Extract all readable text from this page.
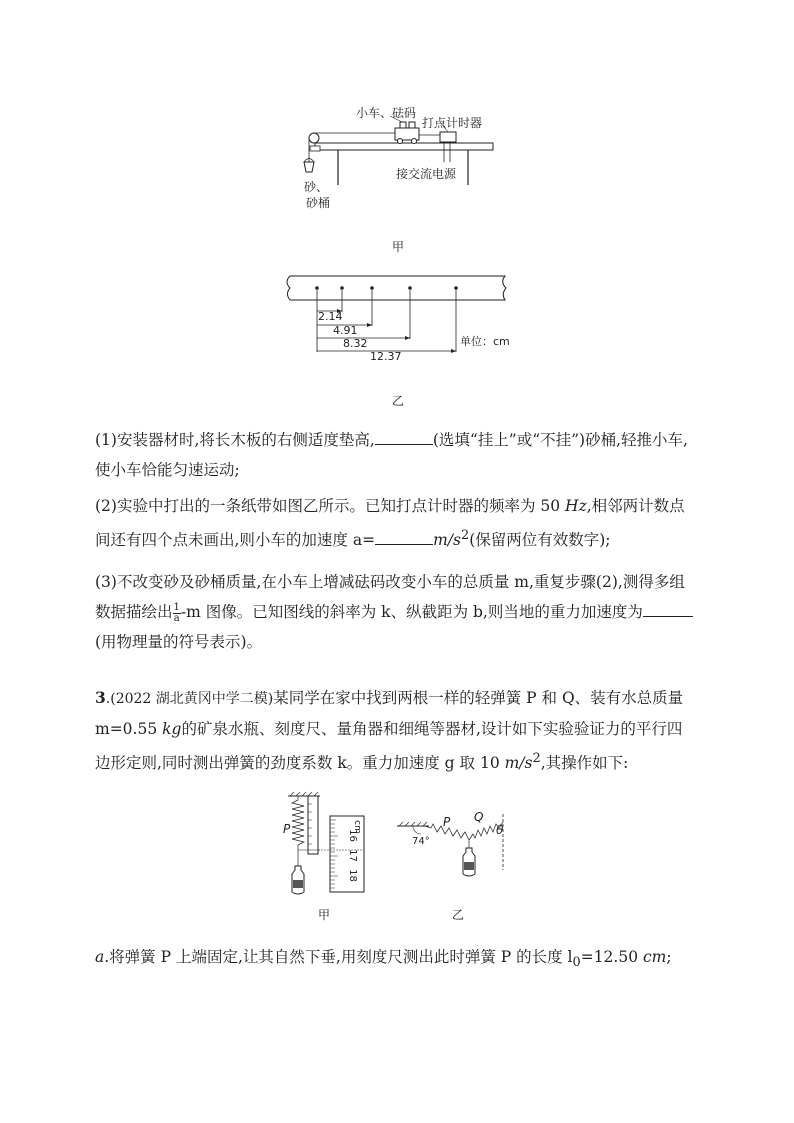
小车、砝码
打点计时器
接交流电源
砂、
砂桶
甲
2.14
4.91
8.32
12.37
单位：cm
乙
(1)安装器材时,将长木板的右侧适度垫高,	(选填“挂上”或“不挂”)砂桶,轻推小车,
使小车恰能匀速运动;
(2)实验中打出的一条纸带如图乙所示。已知打点计时器的频率为 50 Hz,相邻两计数点
间还有四个点未画出,则小车的加速度 a=	$m/s^2$(保留两位有效数字);
(3)不改变砂及砂桶质量,在小车上增减砝码改变小车的总质量 m,重复步骤(2),测得多组
数据描绘出 $\frac{1}{a} -m$ 图像。已知图线的斜率为 k、纵截距为 b,则当地的重力加速度为
(用物理量的符号表示)。
3.(2022 湖北黄冈中学二模)某同学在家中找到两根一样的轻弹簧 P 和 Q、装有水总质量
m=0.55 kg的矿泉水瓶、刻度尺、量角器和细绳等器材,设计如下实验验证力的平行四
边形定则,同时测出弹簧的劲度系数 k。重力加速度 g 取 10 $m/s^2$,其操作如下:
P	cm
16
17
18
甲
P Q
θ
74°
乙
a.将弹簧 P 上端固定,让其自然下垂,用刻度尺测出此时弹簧 P 的长度 $l_0=12.50$ cm;
